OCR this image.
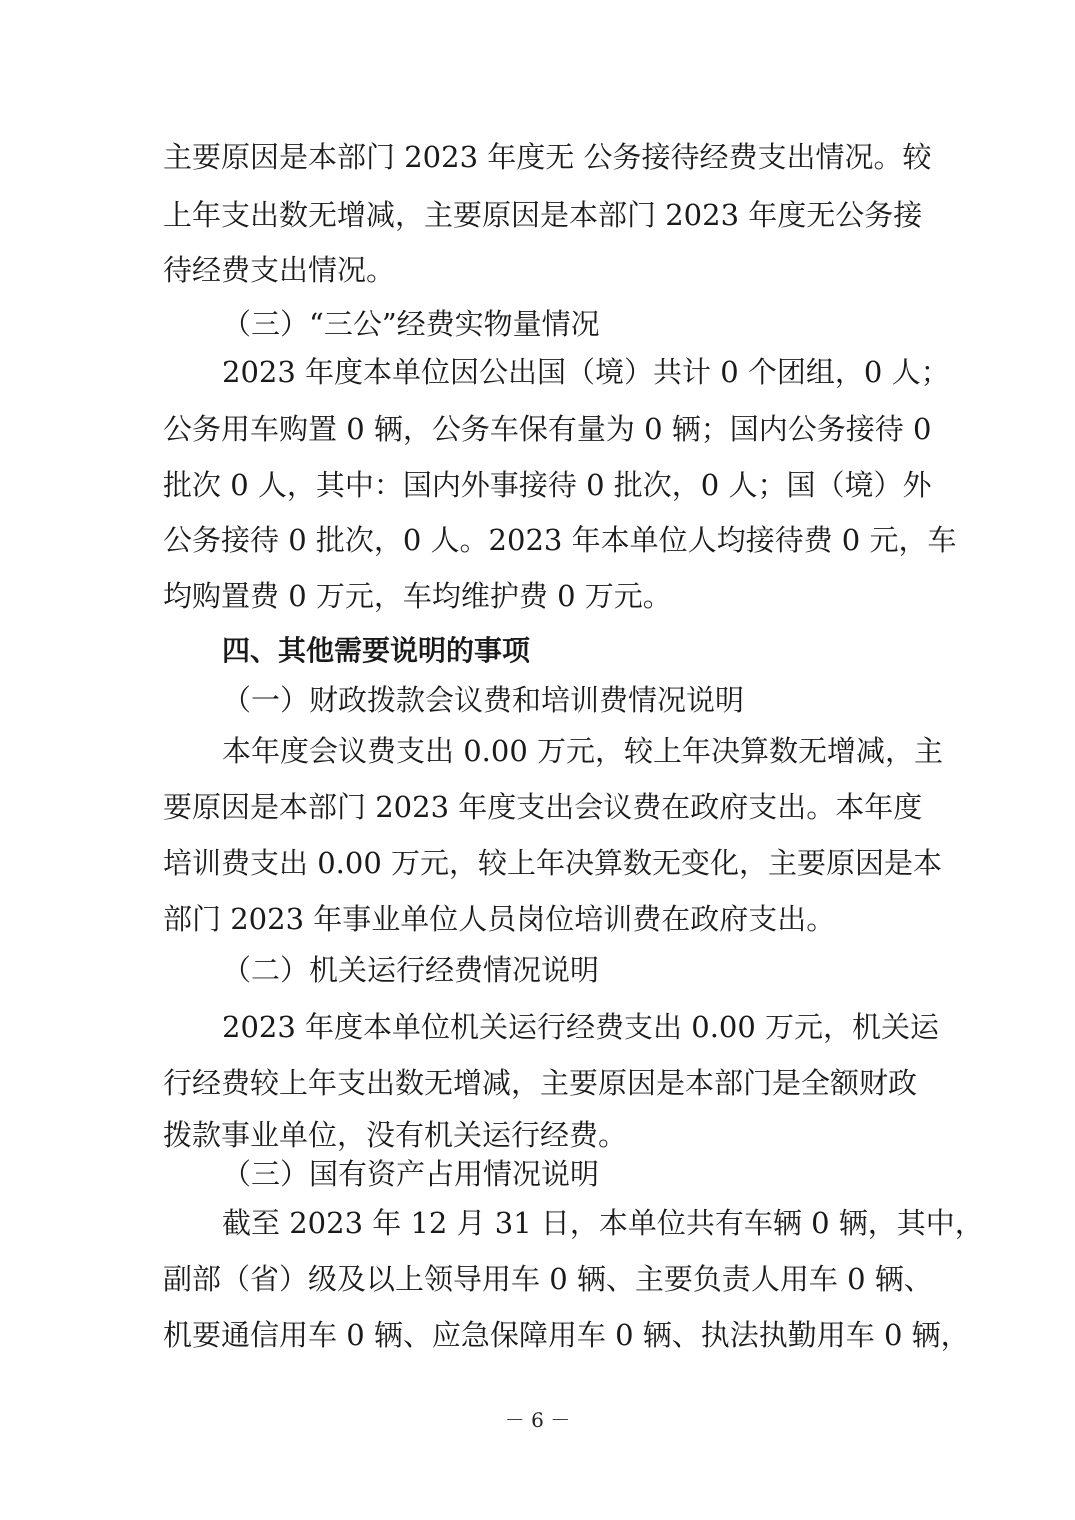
主要原因是本部门 2023 年度无 公务接待经费支出情况。较
上年支出数无增减，主要原因是本部门 2023 年度无公务接
待经费支出情况。
（三）“三公”经费实物量情况
2023 年度本单位因公出国（境）共计 0 个团组，0 人；
公务用车购置 0 辆，公务车保有量为 0 辆；国内公务接待 0
批次 0 人，其中：国内外事接待 0 批次，0 人；国（境）外
公务接待 0 批次，0 人。2023 年本单位人均接待费 0 元，车
均购置费 0 万元，车均维护费 0 万元。
四、其他需要说明的事项
（一）财政拨款会议费和培训费情况说明
本年度会议费支出 0.00 万元，较上年决算数无增减，主
要原因是本部门 2023 年度支出会议费在政府支出。本年度
培训费支出 0.00 万元，较上年决算数无变化，主要原因是本
部门 2023 年事业单位人员岗位培训费在政府支出。
（二）机关运行经费情况说明
2023 年度本单位机关运行经费支出 0.00 万元，机关运
行经费较上年支出数无增减，主要原因是本部门是全额财政
拨款事业单位，没有机关运行经费。
（三）国有资产占用情况说明
截至 2023 年 12 月 31 日，本单位共有车辆 0 辆，其中，
副部（省）级及以上领导用车 0 辆、主要负责人用车 0 辆、
机要通信用车 0 辆、应急保障用车 0 辆、执法执勤用车 0 辆，
－ 6 －
